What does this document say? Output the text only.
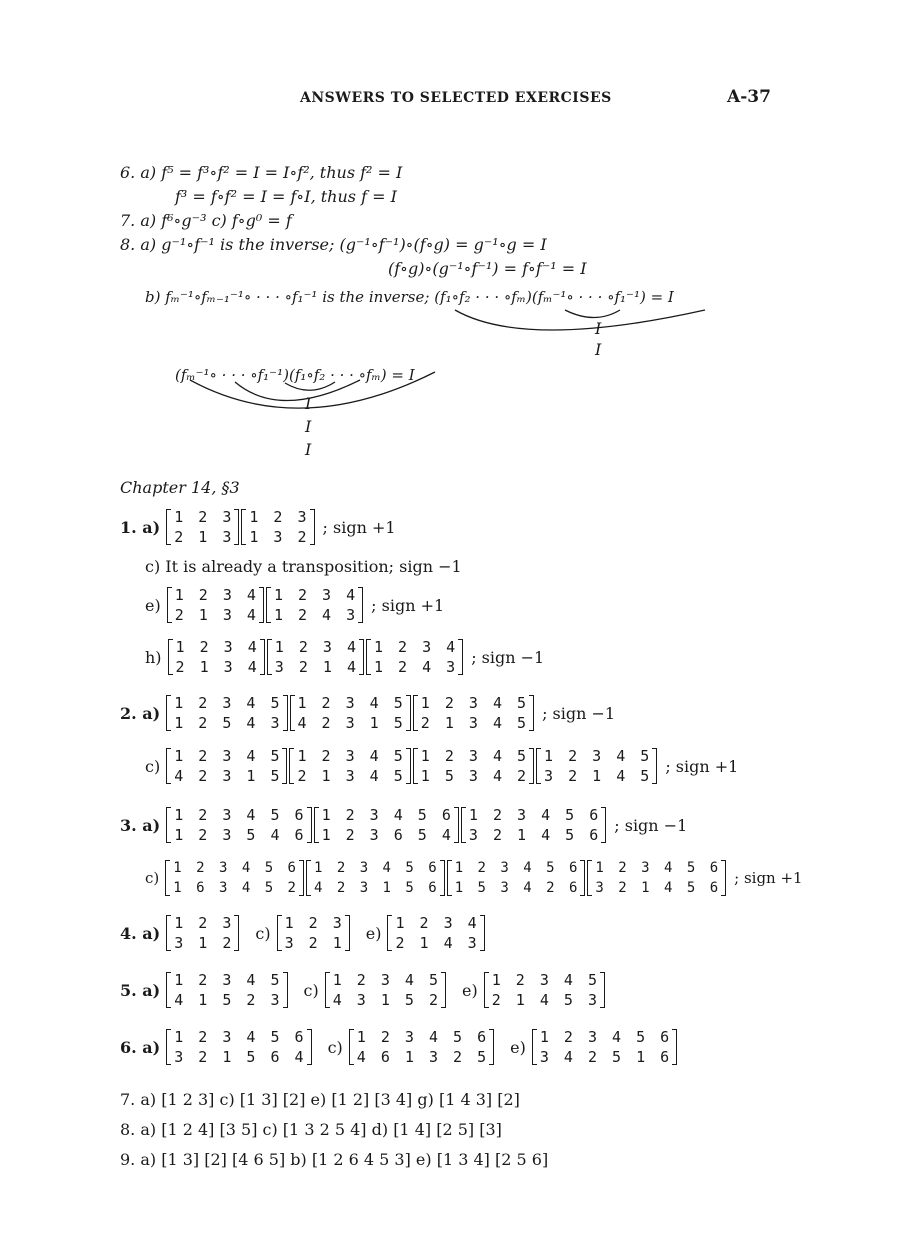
ANSWERS TO SELECTED EXERCISES	A-37
6. a) f⁵ = f³∘f² = I = I∘f², thus f² = I
f³ = f∘f² = I = f∘I, thus f = I
7. a) f⁶∘g⁻³ c) f∘g⁰ = f
8. a) g⁻¹∘f⁻¹ is the inverse; (g⁻¹∘f⁻¹)∘(f∘g) = g⁻¹∘g = I
(f∘g)∘(g⁻¹∘f⁻¹) = f∘f⁻¹ = I
b) fₘ⁻¹∘fₘ₋₁⁻¹∘ · · · ∘f₁⁻¹ is the inverse; (f₁∘f₂ · · · ∘fₘ)(fₘ⁻¹∘ · · · ∘f₁⁻¹) = I
I
I
(fₘ⁻¹∘ · · · ∘f₁⁻¹)(f₁∘f₂ · · · ∘fₘ) = I
I
I
I
Chapter 14, §3
1. a)
1 2 3
2 1 3
1 2 3
1 3 2
; sign +1
c) It is already a transposition; sign −1
e)
1 2 3 4
2 1 3 4
1 2 3 4
1 2 4 3
; sign +1
h)
1 2 3 4
2 1 3 4
1 2 3 4
3 2 1 4
1 2 3 4
1 2 4 3
; sign −1
2. a)
1 2 3 4 5
1 2 5 4 3
1 2 3 4 5
4 2 3 1 5
1 2 3 4 5
2 1 3 4 5
; sign −1
c)
1 2 3 4 5
4 2 3 1 5
1 2 3 4 5
2 1 3 4 5
1 2 3 4 5
1 5 3 4 2
1 2 3 4 5
3 2 1 4 5
; sign +1
3. a)
1 2 3 4 5 6
1 2 3 5 4 6
1 2 3 4 5 6
1 2 3 6 5 4
1 2 3 4 5 6
3 2 1 4 5 6
; sign −1
c)
1 2 3 4 5 6
1 6 3 4 5 2
1 2 3 4 5 6
4 2 3 1 5 6
1 2 3 4 5 6
1 5 3 4 2 6
1 2 3 4 5 6
3 2 1 4 5 6
; sign +1
4. a)
1 2 3
3 1 2
c)
1 2 3
3 2 1
e)
1 2 3 4
2 1 4 3
5. a)
1 2 3 4 5
4 1 5 2 3
c)
1 2 3 4 5
4 3 1 5 2
e)
1 2 3 4 5
2 1 4 5 3
6. a)
1 2 3 4 5 6
3 2 1 5 6 4
c)
1 2 3 4 5 6
4 6 1 3 2 5
e)
1 2 3 4 5 6
3 4 2 5 1 6
7. a) [1 2 3] c) [1 3] [2] e) [1 2] [3 4] g) [1 4 3] [2]
8. a) [1 2 4] [3 5] c) [1 3 2 5 4] d) [1 4] [2 5] [3]
9. a) [1 3] [2] [4 6 5] b) [1 2 6 4 5 3] e) [1 3 4] [2 5 6]
